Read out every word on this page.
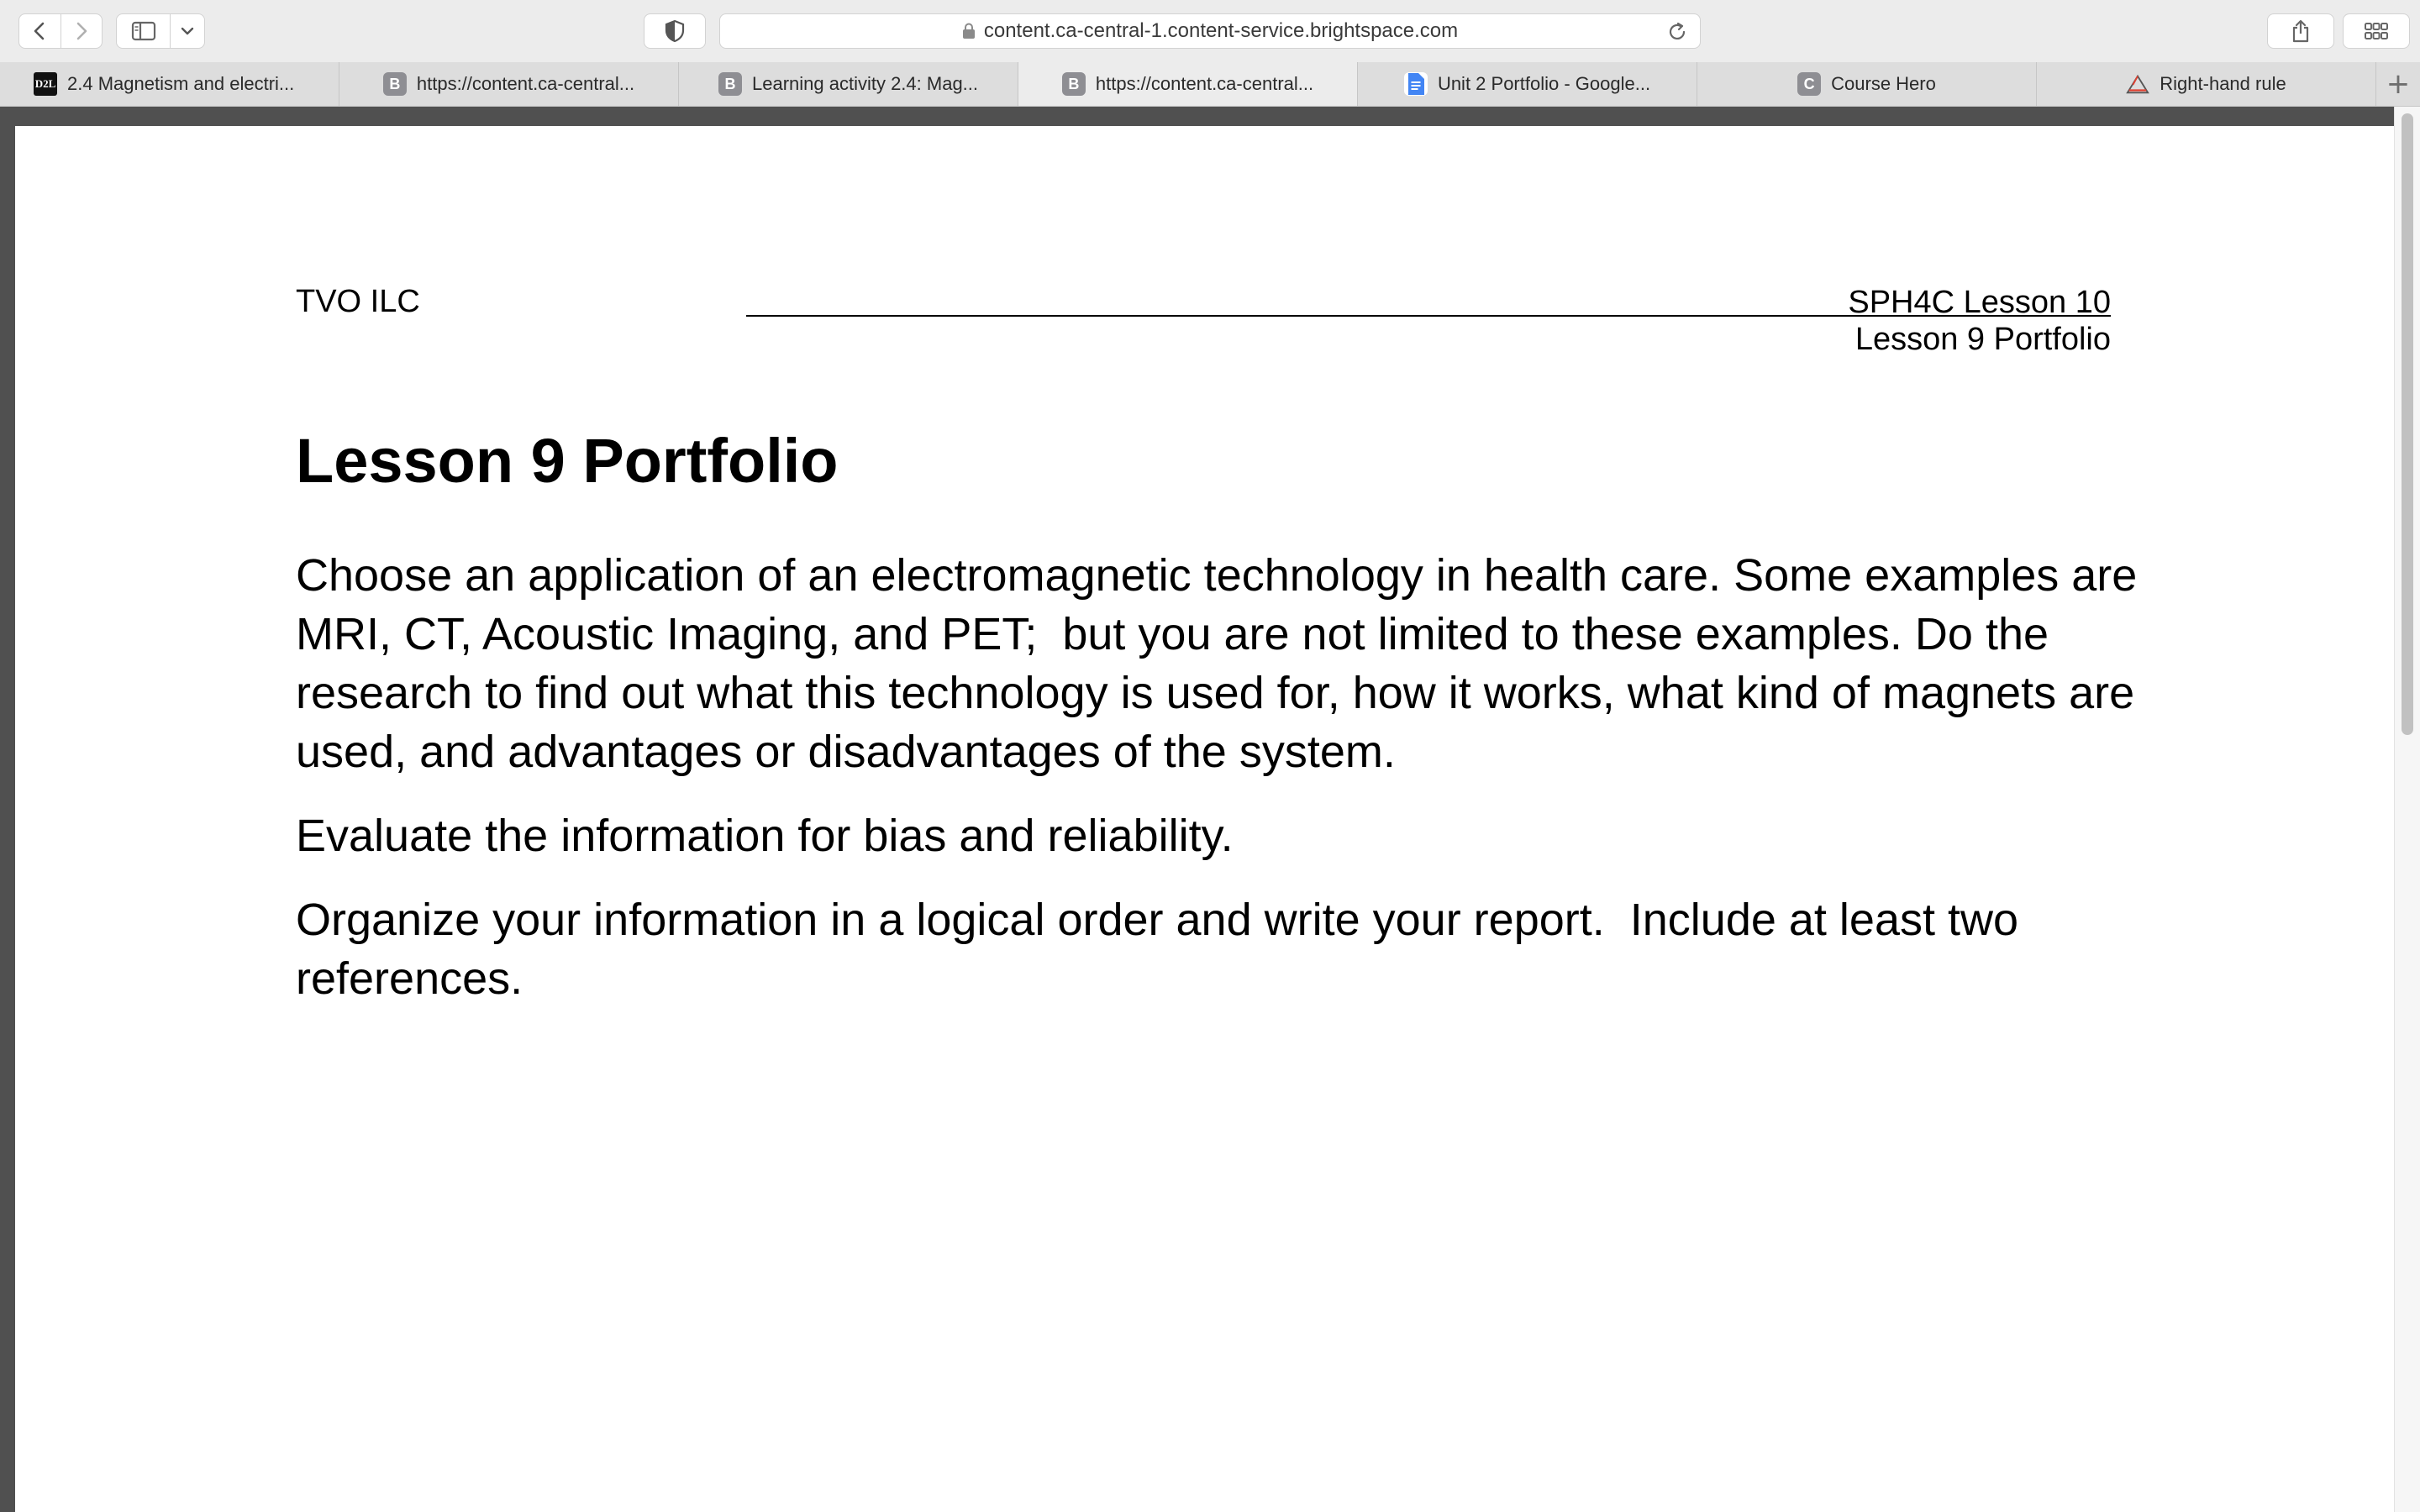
content.ca-central-1.content-service.brightspace.com
D2L 2.4 Magnetism and electri...	B https://content.ca-central...	B Learning activity 2.4: Mag...	B https://content.ca-central...	Unit 2 Portfolio - Google...	C Course Hero	Right-hand rule	+
TVO ILC	SPH4C Lesson 10
Lesson 9 Portfolio
Lesson 9 Portfolio

Choose an application of an electromagnetic technology in health care. Some examples are MRI, CT, Acoustic Imaging, and PET;  but you are not limited to these examples. Do the research to find out what this technology is used for, how it works, what kind of magnets are used, and advantages or disadvantages of the system.

Evaluate the information for bias and reliability.

Organize your information in a logical order and write your report.  Include at least two references.
